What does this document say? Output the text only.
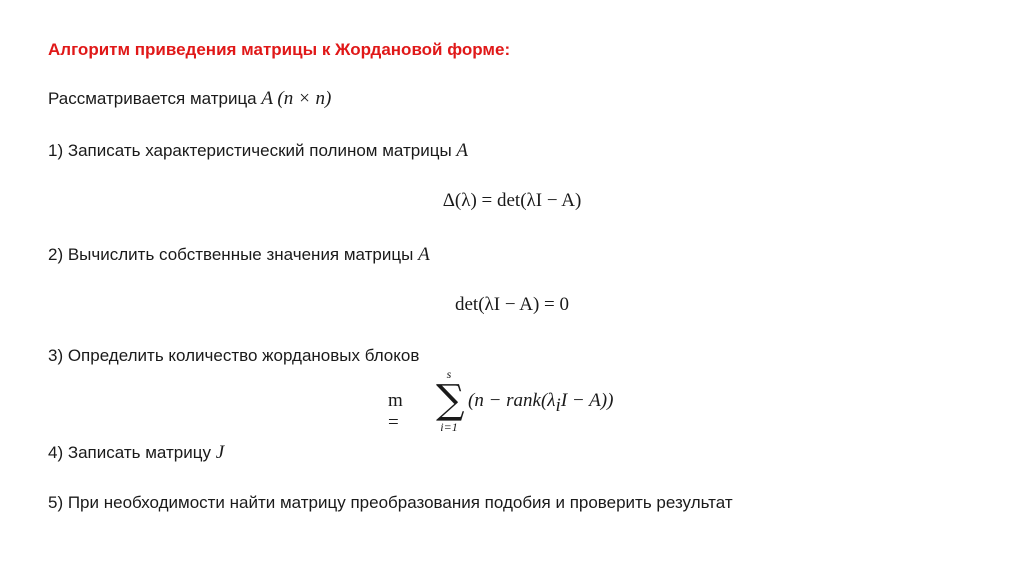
Алгоритм приведения матрицы к Жордановой форме:
Рассматривается матрица A (n × n)
1) Записать характеристический полином матрицы A
Δ(λ) = det(λI − A)
2) Вычислить собственные значения матрицы A
det(λI − A) = 0
3) Определить количество жордановых блоков
m =
s
∑
i=1
$(n - rank(\lambda_iI - A))$
4) Записать матрицу J
5) При необходимости найти матрицу преобразования подобия и проверить результат
